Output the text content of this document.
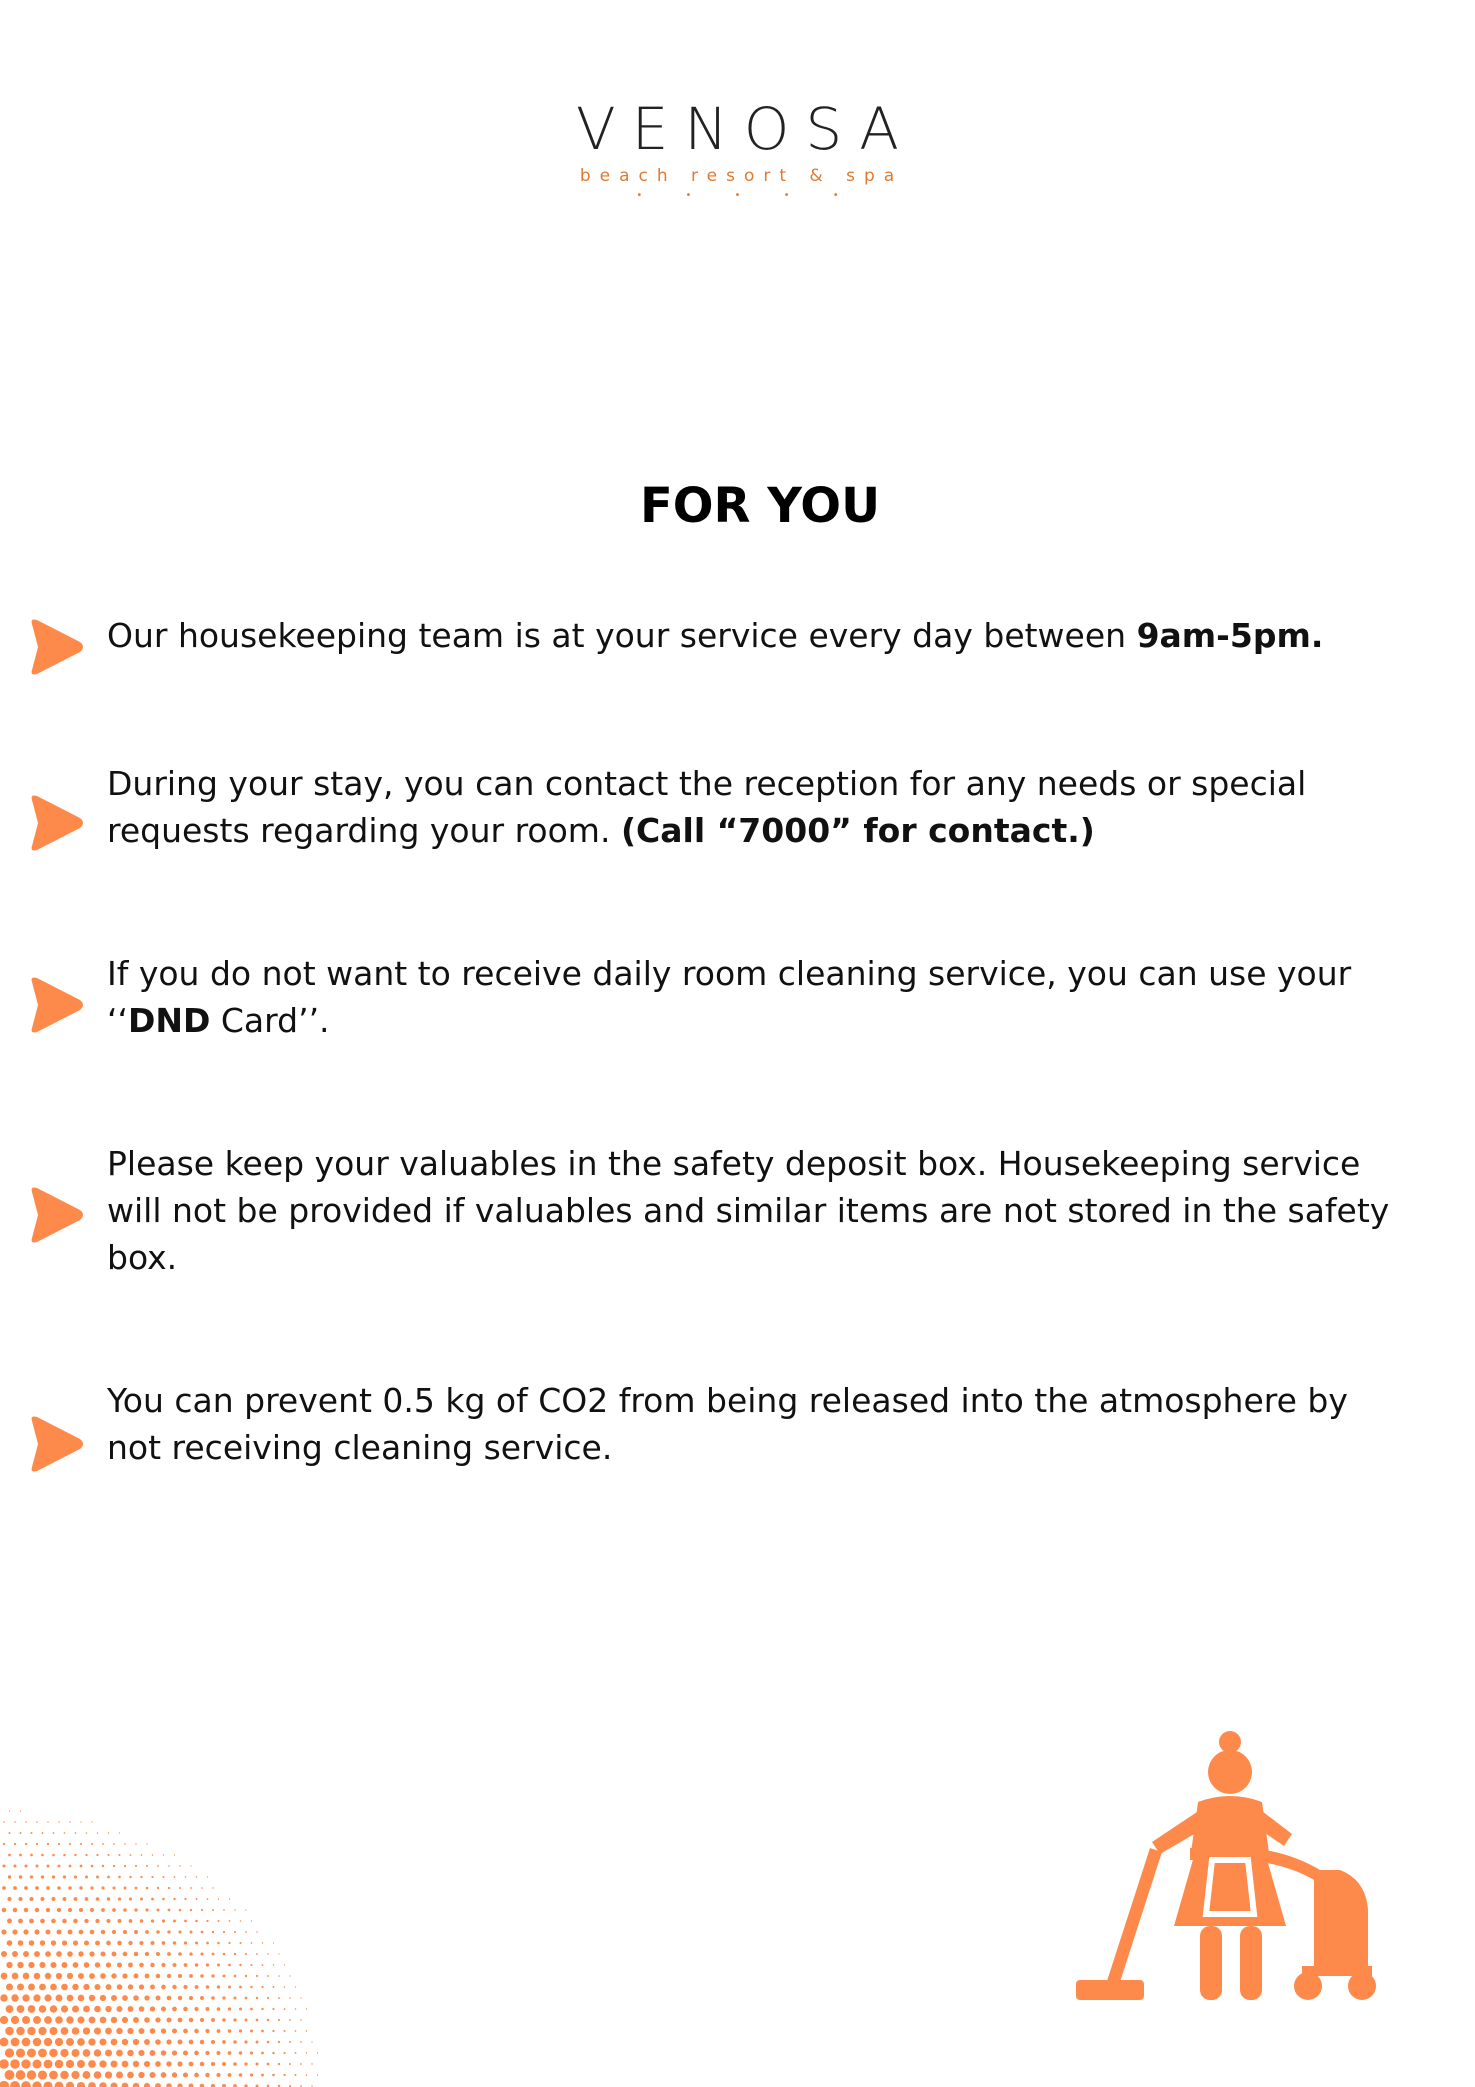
VENOSA
beach resort & spa
• • • • •
FOR YOU
Our housekeeping team is at your service every day between 9am-5pm.
During your stay, you can contact the reception for any needs or special requests regarding your room. (Call “7000” for contact.)
If you do not want to receive daily room cleaning service, you can use your ‘‘DND Card’’.
Please keep your valuables in the safety deposit box. Housekeeping service will not be provided if valuables and similar items are not stored in the safety box.
You can prevent 0.5 kg of CO2 from being released into the atmosphere by not receiving cleaning service.
